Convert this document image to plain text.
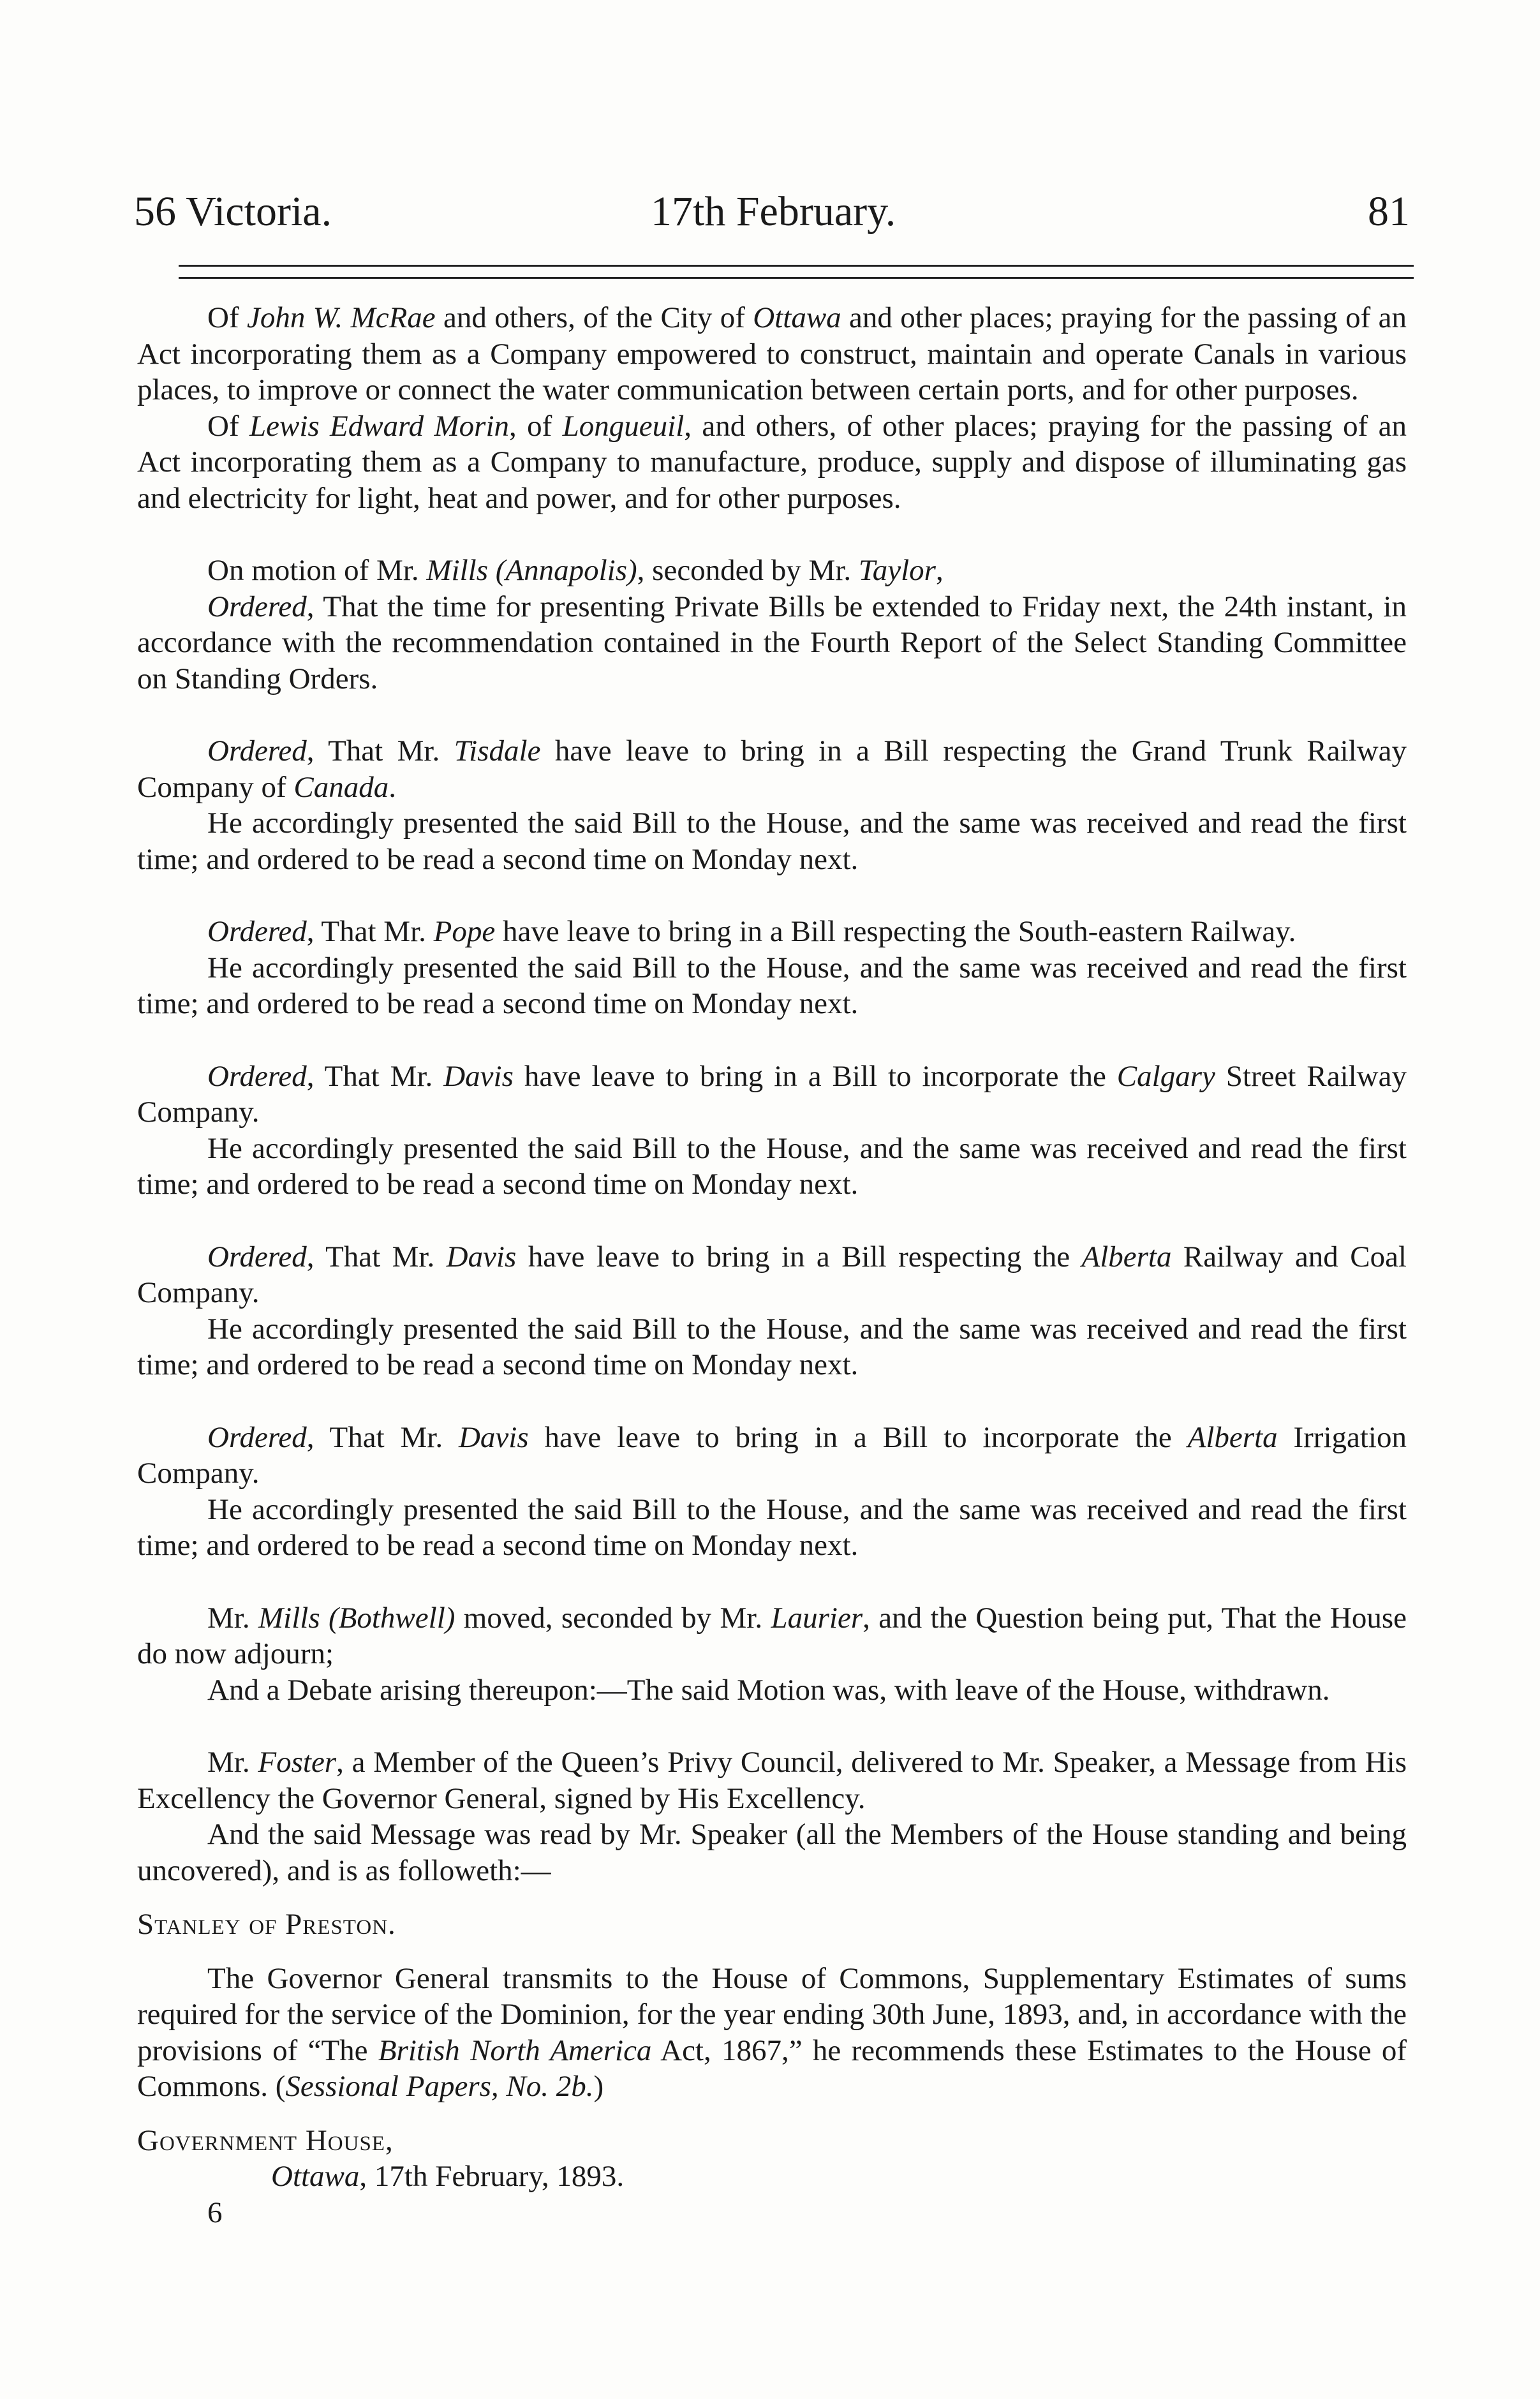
56 Victoria.	17th February.	81

Of John W. McRae and others, of the City of Ottawa and other places; praying for the passing of an Act incorporating them as a Company empowered to construct, maintain and operate Canals in various places, to improve or connect the water communication between certain ports, and for other purposes.

Of Lewis Edward Morin, of Longueuil, and others, of other places; praying for the passing of an Act incorporating them as a Company to manufacture, produce, supply and dispose of illuminating gas and electricity for light, heat and power, and for other purposes.

On motion of Mr. Mills (Annapolis), seconded by Mr. Taylor,

Ordered, That the time for presenting Private Bills be extended to Friday next, the 24th instant, in accordance with the recommendation contained in the Fourth Report of the Select Standing Committee on Standing Orders.

Ordered, That Mr. Tisdale have leave to bring in a Bill respecting the Grand Trunk Railway Company of Canada.

He accordingly presented the said Bill to the House, and the same was received and read the first time; and ordered to be read a second time on Monday next.

Ordered, That Mr. Pope have leave to bring in a Bill respecting the South-eastern Railway.

He accordingly presented the said Bill to the House, and the same was received and read the first time; and ordered to be read a second time on Monday next.

Ordered, That Mr. Davis have leave to bring in a Bill to incorporate the Calgary Street Railway Company.

He accordingly presented the said Bill to the House, and the same was received and read the first time; and ordered to be read a second time on Monday next.

Ordered, That Mr. Davis have leave to bring in a Bill respecting the Alberta Railway and Coal Company.

He accordingly presented the said Bill to the House, and the same was received and read the first time; and ordered to be read a second time on Monday next.

Ordered, That Mr. Davis have leave to bring in a Bill to incorporate the Alberta Irrigation Company.

He accordingly presented the said Bill to the House, and the same was received and read the first time; and ordered to be read a second time on Monday next.

Mr. Mills (Bothwell) moved, seconded by Mr. Laurier, and the Question being put, That the House do now adjourn;

And a Debate arising thereupon:—The said Motion was, with leave of the House, withdrawn.

Mr. Foster, a Member of the Queen’s Privy Council, delivered to Mr. Speaker, a Message from His Excellency the Governor General, signed by His Excellency.

And the said Message was read by Mr. Speaker (all the Members of the House standing and being uncovered), and is as followeth:—

Stanley of Preston.

The Governor General transmits to the House of Commons, Supplementary Estimates of sums required for the service of the Dominion, for the year ending 30th June, 1893, and, in accordance with the provisions of “The British North America Act, 1867,” he recommends these Estimates to the House of Commons. (Sessional Papers, No. 2b.)

Government House,

Ottawa, 17th February, 1893.

6
